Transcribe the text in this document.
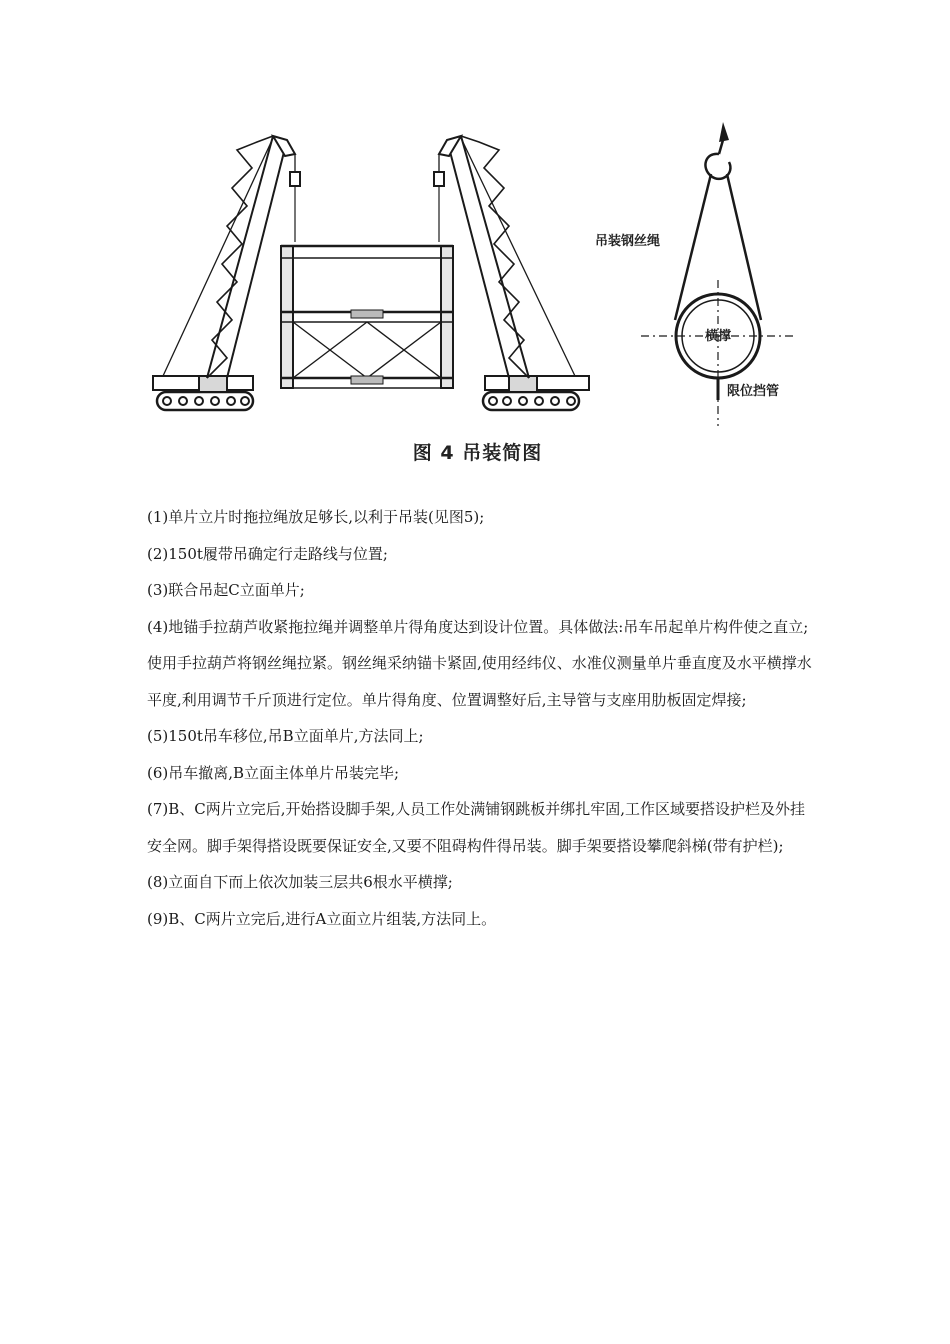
吊装钢丝绳
横撑
限位挡管
图 4 吊装简图

(1)单片立片时拖拉绳放足够长,以利于吊装(见图5);

(2)150t履带吊确定行走路线与位置;

(3)联合吊起C立面单片;

(4)地锚手拉葫芦收紧拖拉绳并调整单片得角度达到设计位置。具体做法:吊车吊起单片构件使之直立;使用手拉葫芦将钢丝绳拉紧。钢丝绳采纳锚卡紧固,使用经纬仪、水准仪测量单片垂直度及水平横撑水平度,利用调节千斤顶进行定位。单片得角度、位置调整好后,主导管与支座用肋板固定焊接;

(5)150t吊车移位,吊B立面单片,方法同上;

(6)吊车撤离,B立面主体单片吊装完毕;

(7)B、C两片立完后,开始搭设脚手架,人员工作处满铺钢跳板并绑扎牢固,工作区域要搭设护栏及外挂安全网。脚手架得搭设既要保证安全,又要不阻碍构件得吊装。脚手架要搭设攀爬斜梯(带有护栏);

(8)立面自下而上依次加装三层共6根水平横撑;

(9)B、C两片立完后,进行A立面立片组装,方法同上。
